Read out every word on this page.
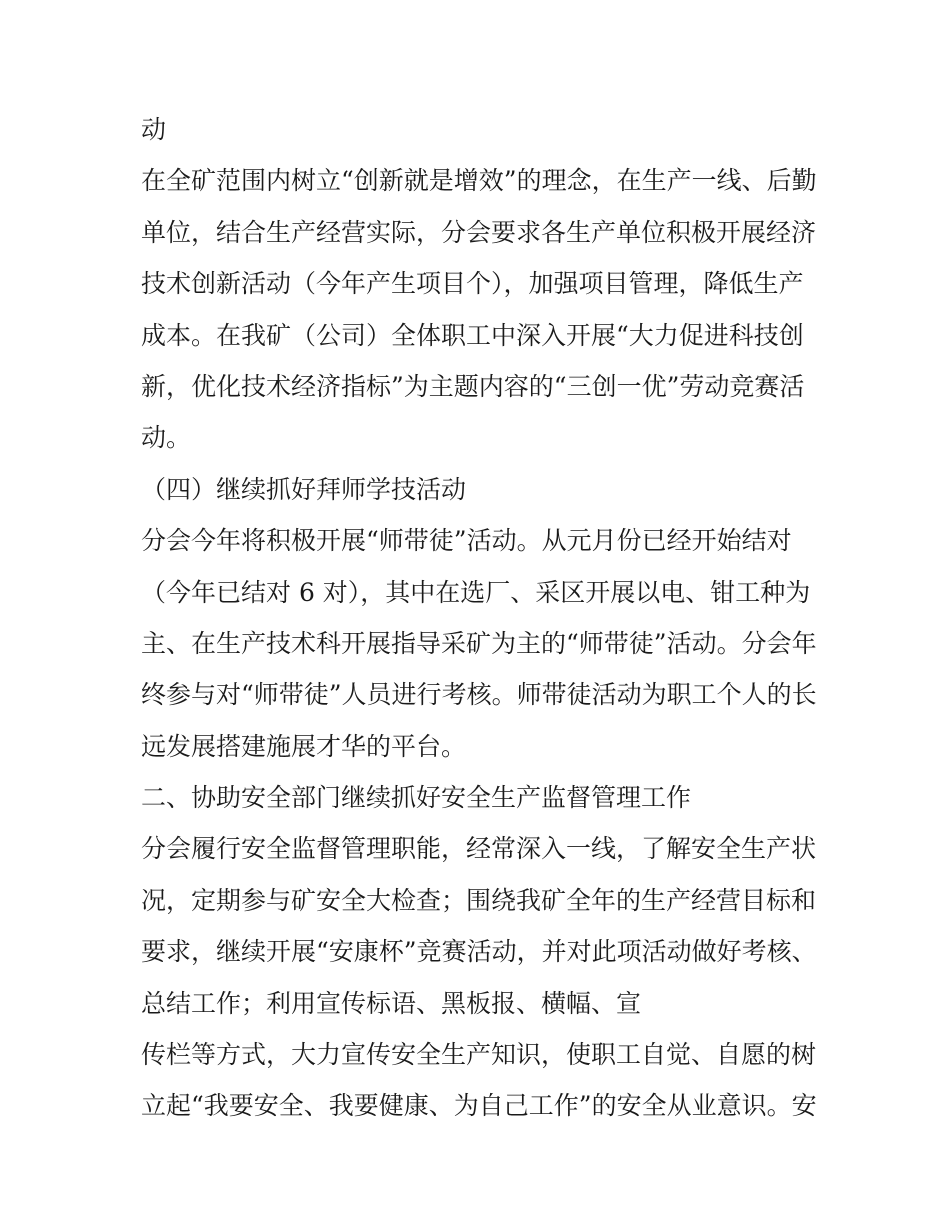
动
在全矿范围内树立“创新就是增效”的理念，在生产一线、后勤
单位，结合生产经营实际，分会要求各生产单位积极开展经济
技术创新活动（今年产生项目个），加强项目管理，降低生产
成本。在我矿（公司）全体职工中深入开展“大力促进科技创
新，优化技术经济指标”为主题内容的“三创一优”劳动竞赛活
动。
（四）继续抓好拜师学技活动
分会今年将积极开展“师带徒”活动。从元月份已经开始结对
（今年已结对 6 对），其中在选厂、采区开展以电、钳工种为
主、在生产技术科开展指导采矿为主的“师带徒”活动。分会年
终参与对“师带徒”人员进行考核。师带徒活动为职工个人的长
远发展搭建施展才华的平台。
二、协助安全部门继续抓好安全生产监督管理工作
分会履行安全监督管理职能，经常深入一线，了解安全生产状
况，定期参与矿安全大检查；围绕我矿全年的生产经营目标和
要求，继续开展“安康杯”竞赛活动，并对此项活动做好考核、
总结工作；利用宣传标语、黑板报、横幅、宣
传栏等方式，大力宣传安全生产知识，使职工自觉、自愿的树
立起“我要安全、我要健康、为自己工作”的安全从业意识。安
